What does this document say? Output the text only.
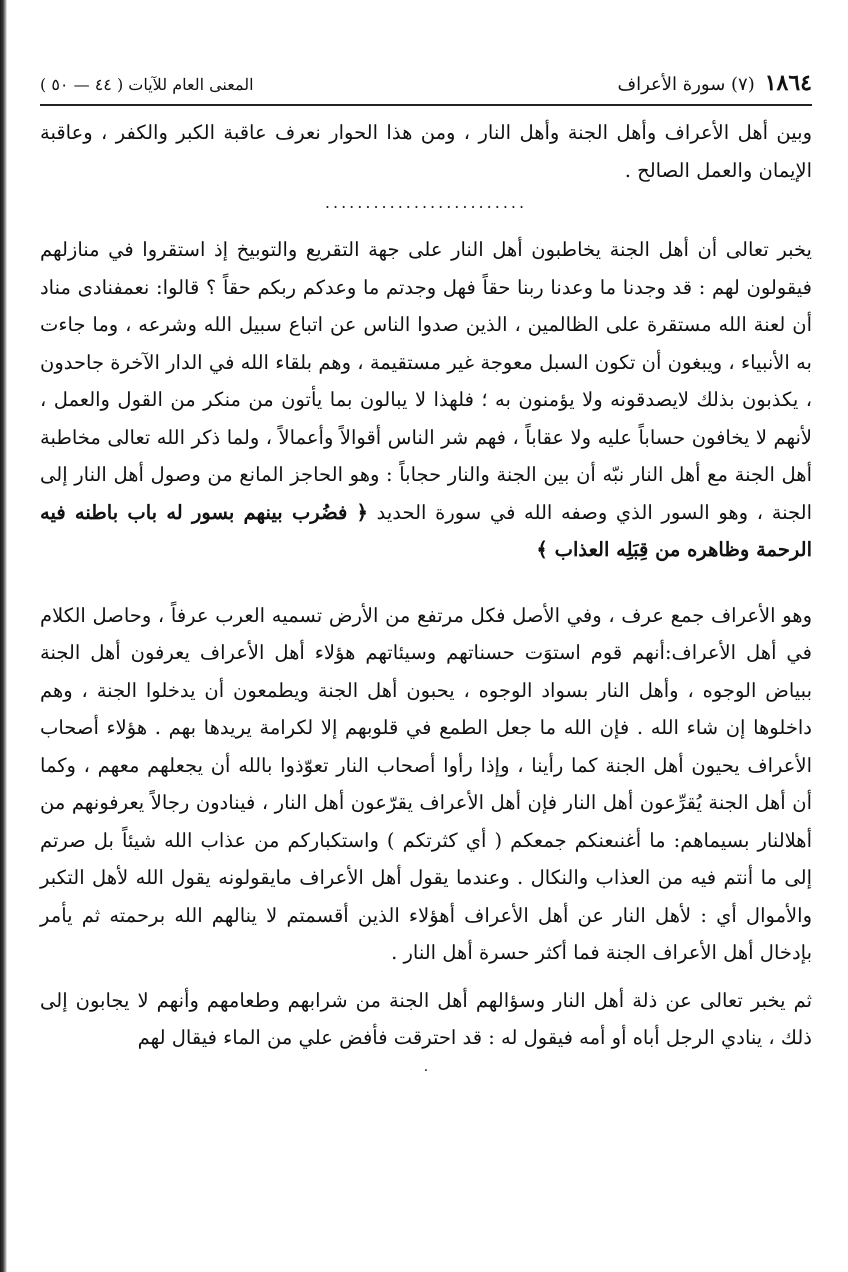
١٨٦٤
(٧) سورة الأعراف
المعنى العام للآيات ( ٤٤ — ٥٠ )

وبين أهل الأعراف وأهل الجنة وأهل النار ، ومن هذا الحوار نعرف عاقبة الكبر والكفر ، وعاقبة الإيمان والعمل الصالح .

.........................

يخبر تعالى أن أهل الجنة يخاطبون أهل النار على جهة التقريع والتوبيخ إذ استقروا في منازلهم فيقولون لهم : قد وجدنا ما وعدنا ربنا حقاً فهل وجدتم ما وعدكم ربكم حقاً ؟ قالوا: نعمفنادى مناد أن لعنة الله مستقرة على الظالمين ، الذين صدوا الناس عن اتباع سبيل الله وشرعه ، وما جاءت به الأنبياء ، ويبغون أن تكون السبل معوجة غير مستقيمة ، وهم بلقاء الله في الدار الآخرة جاحدون ، يكذبون بذلك لايصدقونه ولا يؤمنون به ؛ فلهذا لا يبالون بما يأتون من منكر من القول والعمل ، لأنهم لا يخافون حساباً عليه ولا عقاباً ، فهم شر الناس أقوالاً وأعمالاً ، ولما ذكر الله تعالى مخاطبة أهل الجنة مع أهل النار نبّه أن بين الجنة والنار حجاباً : وهو الحاجز المانع من وصول أهل النار إلى الجنة ، وهو السور الذي وصفه الله في سورة الحديد ﴿ فضُرب بينهم بسور له باب باطنه فيه الرحمة وظاهره من قِبَلِه العذاب ﴾

وهو الأعراف جمع عرف ، وفي الأصل فكل مرتفع من الأرض تسميه العرب عرفاً ، وحاصل الكلام في أهل الأعراف:أنهم قوم استوَت حسناتهم وسيئاتهم هؤلاء أهل الأعراف يعرفون أهل الجنة ببياض الوجوه ، وأهل النار بسواد الوجوه ، يحبون أهل الجنة ويطمعون أن يدخلوا الجنة ، وهم داخلوها إن شاء الله . فإن الله ما جعل الطمع في قلوبهم إلا لكرامة يريدها بهم . هؤلاء أصحاب الأعراف يحيون أهل الجنة كما رأينا ، وإذا رأوا أصحاب النار تعوّذوا بالله أن يجعلهم معهم ، وكما أن أهل الجنة يُقرِّعون أهل النار فإن أهل الأعراف يقرّعون أهل النار ، فينادون رجالاً يعرفونهم من أهلالنار بسيماهم: ما أغنىعنكم جمعكم ( أي كثرتكم ) واستكباركم من عذاب الله شيئاً بل صرتم إلى ما أنتم فيه من العذاب والنكال . وعندما يقول أهل الأعراف مايقولونه يقول الله لأهل التكبر والأموال أي : لأهل النار عن أهل الأعراف أهؤلاء الذين أقسمتم لا ينالهم الله برحمته ثم يأمر بإدخال أهل الأعراف الجنة فما أكثر حسرة أهل النار .

ثم يخبر تعالى عن ذلة أهل النار وسؤالهم أهل الجنة من شرابهم وطعامهم وأنهم لا يجابون إلى ذلك ، ينادي الرجل أباه أو أمه فيقول له : قد احترقت فأفض علي من الماء فيقال لهم

·
